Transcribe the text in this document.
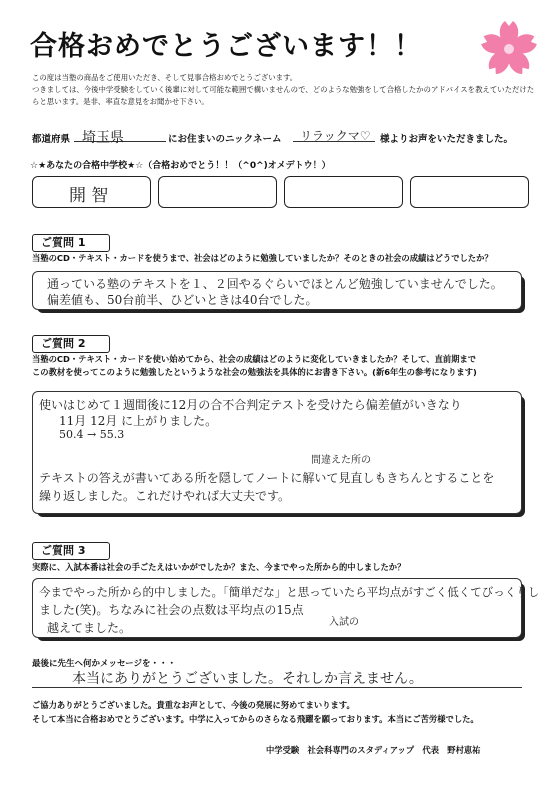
合格おめでとうございます！！
この度は当塾の商品をご使用いただき、そして見事合格おめでとうございます。
つきましては、今後中学受験をしていく後輩に対して可能な範囲で構いませんので、どのような勉強をして合格したかのアドバイスを教えていただけたらと思います。是非、率直な意見をお聞かせ下さい。
都道府県 埼玉県	にお住まいのニックネーム リラックマ♡ 様よりお声をいただきました。
☆★あなたの合格中学校★☆（合格おめでとう！！（^0^)オメデトウ！）
開 智
ご質問 1
当塾のCD・テキスト・カードを使うまで、社会はどのように勉強していましたか？そのときの社会の成績はどうでしたか？
通っている塾のテキストを１、２回やるぐらいでほとんど勉強していませんでした。
偏差値も、50台前半、ひどいときは40台でした。
ご質問 2
当塾のCD・テキスト・カードを使い始めてから、社会の成績はどのように変化していきましたか？そして、直前期まで
この教材を使ってこのように勉強したというような社会の勉強法を具体的にお書き下さい。(新6年生の参考になります)
使いはじめて１週間後に12月の合不合判定テストを受けたら偏差値がいきなり
11月 12月 に上がりました。
50.4 → 55.3
間違えた所の
テキストの答えが書いてある所を隠してノートに解いて見直しもきちんとすることを
繰り返しました。これだけやれば大丈夫です。
ご質問 3
実際に、入試本番は社会の手ごたえはいかがでしたか？また、今までやった所から的中しましたか？
今までやった所から的中しました。「簡単だな」と思っていたら平均点がすごく低くてびっくりし
ました(笑)。ちなみに社会の点数は平均点の15点
越えてました。	入試の
最後に先生へ何かメッセージを・・・
本当にありがとうございました。それしか言えません。
ご協力ありがとうございました。貴重なお声として、今後の発展に努めてまいります。
そして本当に合格おめでとうございます。中学に入ってからのさらなる飛躍を願っております。本当にご苦労様でした。
中学受験　社会科専門のスタディアップ　代表　野村恵祐
